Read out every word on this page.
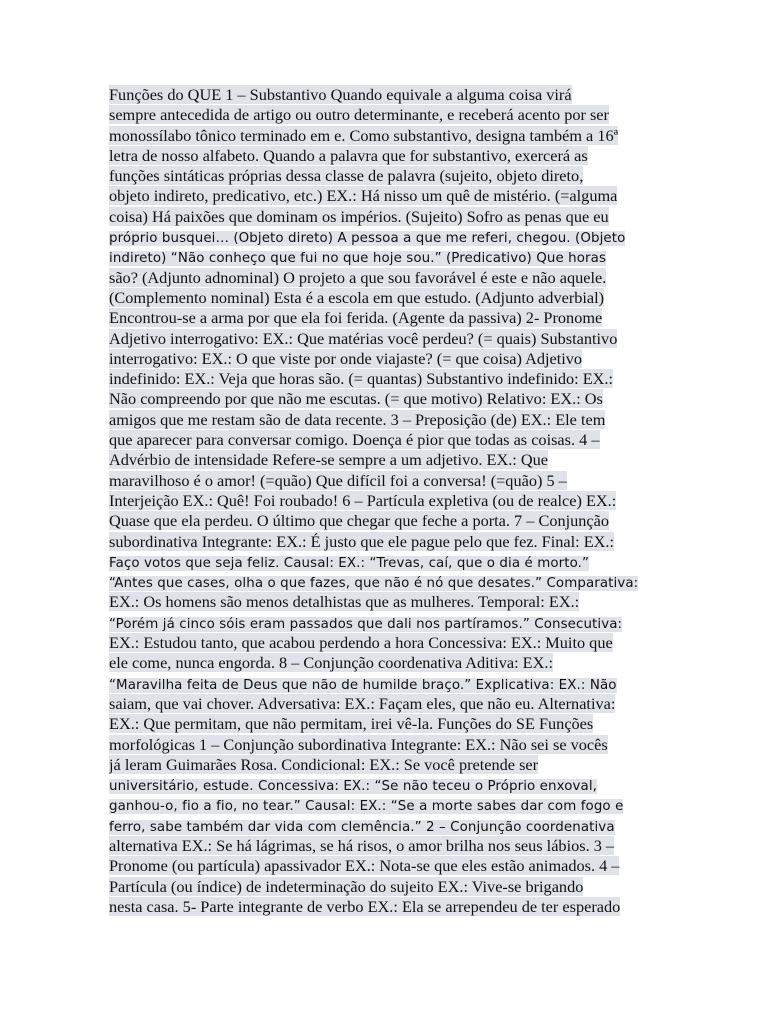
Funções do QUE 1 – Substantivo Quando equivale a alguma coisa virá

sempre antecedida de artigo ou outro determinante, e receberá acento por ser

monossílabo tônico terminado em e. Como substantivo, designa também a 16ª

letra de nosso alfabeto. Quando a palavra que for substantivo, exercerá as

funções sintáticas próprias dessa classe de palavra (sujeito, objeto direto,

objeto indireto, predicativo, etc.) EX.: Há nisso um quê de mistério. (=alguma

coisa) Há paixões que dominam os impérios. (Sujeito) Sofro as penas que eu

próprio busquei… (Objeto direto) A pessoa a que me referi, chegou. (Objeto

indireto) “Não conheço que fui no que hoje sou.” (Predicativo) Que horas

são? (Adjunto adnominal) O projeto a que sou favorável é este e não aquele.

(Complemento nominal) Esta é a escola em que estudo. (Adjunto adverbial)

Encontrou-se a arma por que ela foi ferida. (Agente da passiva) 2- Pronome

Adjetivo interrogativo: EX.: Que matérias você perdeu? (= quais) Substantivo

interrogativo: EX.: O que viste por onde viajaste? (= que coisa) Adjetivo

indefinido: EX.: Veja que horas são. (= quantas) Substantivo indefinido: EX.:

Não compreendo por que não me escutas. (= que motivo) Relativo: EX.: Os

amigos que me restam são de data recente. 3 – Preposição (de) EX.: Ele tem

que aparecer para conversar comigo. Doença é pior que todas as coisas. 4 –

Advérbio de intensidade Refere-se sempre a um adjetivo. EX.: Que

maravilhoso é o amor! (=quão) Que difícil foi a conversa! (=quão) 5 –

Interjeição EX.: Quê! Foi roubado! 6 – Partícula expletiva (ou de realce) EX.:

Quase que ela perdeu. O último que chegar que feche a porta. 7 – Conjunção

subordinativa Integrante: EX.: É justo que ele pague pelo que fez. Final: EX.:

Faço votos que seja feliz. Causal: EX.: “Trevas, caí, que o dia é morto.”

“Antes que cases, olha o que fazes, que não é nó que desates.” Comparativa:

EX.: Os homens são menos detalhistas que as mulheres. Temporal: EX.:

“Porém já cinco sóis eram passados que dali nos partíramos.” Consecutiva:

EX.: Estudou tanto, que acabou perdendo a hora Concessiva: EX.: Muito que

ele come, nunca engorda. 8 – Conjunção coordenativa Aditiva: EX.:

“Maravilha feita de Deus que não de humilde braço.” Explicativa: EX.: Não

saiam, que vai chover. Adversativa: EX.: Façam eles, que não eu. Alternativa:

EX.: Que permitam, que não permitam, irei vê-la. Funções do SE Funções

morfológicas 1 – Conjunção subordinativa Integrante: EX.: Não sei se vocês

já leram Guimarães Rosa. Condicional: EX.: Se você pretende ser

universitário, estude. Concessiva: EX.: “Se não teceu o Próprio enxoval,

ganhou-o, fio a fio, no tear.” Causal: EX.: “Se a morte sabes dar com fogo e

ferro, sabe também dar vida com clemência.” 2 – Conjunção coordenativa

alternativa EX.: Se há lágrimas, se há risos, o amor brilha nos seus lábios. 3 –

Pronome (ou partícula) apassivador EX.: Nota-se que eles estão animados. 4 –

Partícula (ou índice) de indeterminação do sujeito EX.: Vive-se brigando

nesta casa. 5- Parte integrante de verbo EX.: Ela se arrependeu de ter esperado
